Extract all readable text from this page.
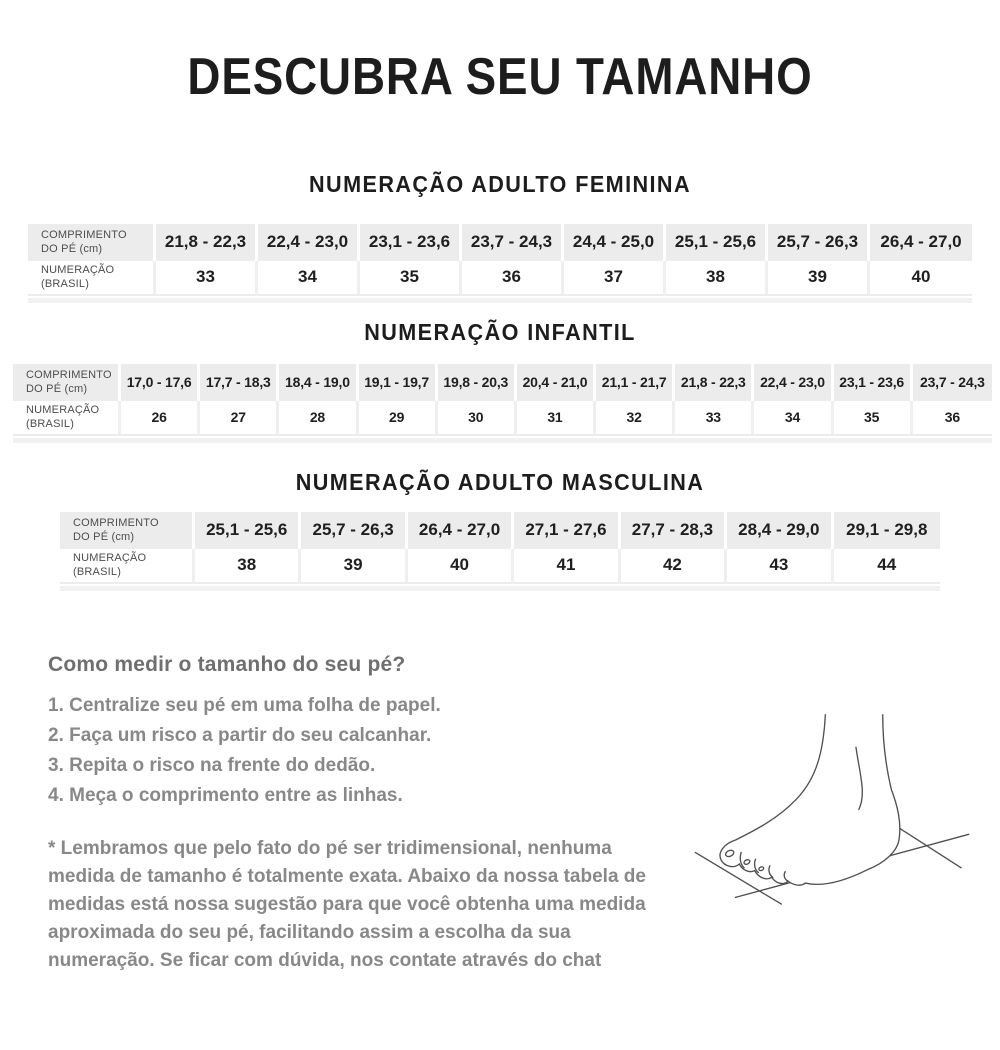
DESCUBRA SEU TAMANHO
NUMERAÇÃO ADULTO FEMININA
COMPRIMENTO
DO PÉ (cm)	21,8 - 22,3	22,4 - 23,0	23,1 - 23,6	23,7 - 24,3	24,4 - 25,0	25,1 - 25,6	25,7 - 26,3	26,4 - 27,0
NUMERAÇÃO
(BRASIL)	33	34	35	36	37	38	39	40
NUMERAÇÃO INFANTIL
COMPRIMENTO
DO PÉ (cm)	17,0 - 17,6	17,7 - 18,3	18,4 - 19,0	19,1 - 19,7	19,8 - 20,3	20,4 - 21,0	21,1 - 21,7	21,8 - 22,3	22,4 - 23,0	23,1 - 23,6	23,7 - 24,3
NUMERAÇÃO
(BRASIL)	26	27	28	29	30	31	32	33	34	35	36
NUMERAÇÃO ADULTO MASCULINA
COMPRIMENTO
DO PÉ (cm)	25,1 - 25,6	25,7 - 26,3	26,4 - 27,0	27,1 - 27,6	27,7 - 28,3	28,4 - 29,0	29,1 - 29,8
NUMERAÇÃO
(BRASIL)	38	39	40	41	42	43	44
Como medir o tamanho do seu pé?
1. Centralize seu pé em uma folha de papel.
2. Faça um risco a partir do seu calcanhar.
3. Repita o risco na frente do dedão.
4. Meça o comprimento entre as linhas.

* Lembramos que pelo fato do pé ser tridimensional, nenhuma medida de tamanho é totalmente exata. Abaixo da nossa tabela de medidas está nossa sugestão para que você obtenha uma medida aproximada do seu pé, facilitando assim a escolha da sua numeração. Se ficar com dúvida, nos contate através do chat
